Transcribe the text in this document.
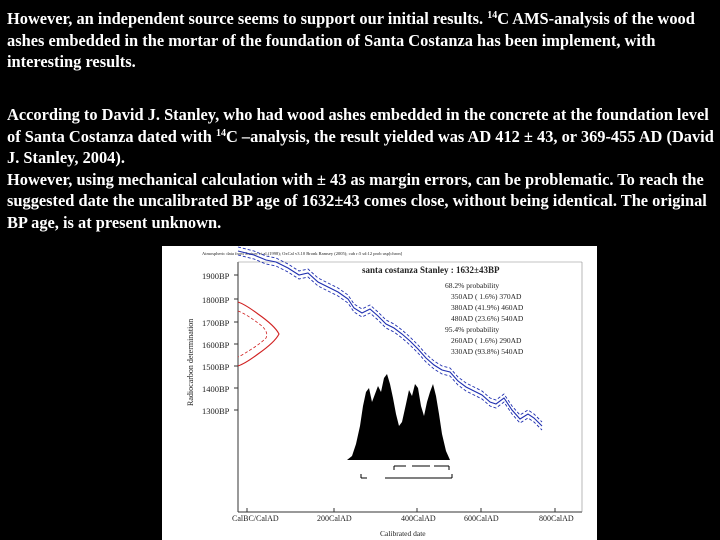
However, an independent source seems to support our initial results. $^{14}$C AMS-analysis of the wood ashes embedded in the mortar of the foundation of Santa Costanza has been implement, with interesting results.

According to David J. Stanley, who had wood ashes embedded in the concrete at the foundation level of Santa Costanza dated with $^{14}$C –analysis, the result yielded was AD 412 ± 43, or 369-455 AD (David J. Stanley, 2004).
However, using mechanical calculation with ± 43 as margin errors, can be problematic. To reach the suggested date the uncalibrated BP age of 1632±43 comes close, without being identical. The original BP age, is at present unknown.

Atmospheric data from Stuiver et al.(1998); OxCal v3.10 Bronk Ramsey (2005); cub r:5 sd:12 prob usp[chron]
Radiocarbon determination
1900BP
1800BP
1700BP
1600BP
1500BP
1400BP
1300BP
CalBC/CalAD	200CalAD	400CalAD	600CalAD	800CalAD
Calibrated date
santa costanza Stanley : 1632±43BP
68.2% probability
350AD ( 1.6%) 370AD
380AD (41.9%) 460AD
480AD (23.6%) 540AD
95.4% probability
260AD ( 1.6%) 290AD
330AD (93.8%) 540AD
